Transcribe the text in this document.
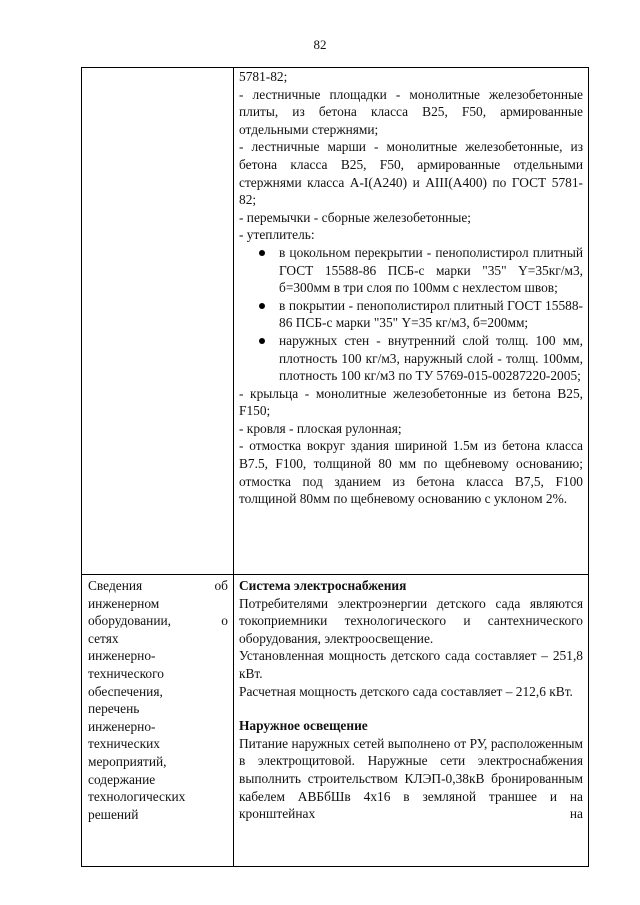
82

5781-82;

- лестничные площадки - монолитные железобетонные плиты, из бетона класса В25, F50, армированные отдельными стержнями;

- лестничные марши - монолитные железобетонные, из бетона класса В25, F50, армированные отдельными стержнями класса A-I(А240) и АIII(А400) по ГОСТ 5781-82;

- перемычки - сборные железобетонные;

- утеплитель:

в цокольном перекрытии - пенополистирол плитный ГОСТ 15588-86 ПСБ-с марки "35" Y=35кг/м3, б=300мм в три слоя по 100мм с нехлестом швов;

в покрытии - пенополистирол плитный ГОСТ 15588-86 ПСБ-с марки "35" Y=35 кг/м3, б=200мм;

наружных стен - внутренний слой толщ. 100 мм, плотность 100 кг/м3, наружный слой - толщ. 100мм, плотность 100 кг/м3 по ТУ 5769-015-00287220-2005;

- крыльца - монолитные железобетонные из бетона В25, F150;

- кровля - плоская рулонная;

- отмостка вокруг здания шириной 1.5м из бетона класса В7.5, F100, толщиной 80 мм по щебневому основанию; отмостка под зданием из бетона класса В7,5, F100 толщиной 80мм по щебневому основанию с уклоном 2%.

Сведения об
инженерном
оборудовании, о
сетях
инженерно-
технического
обеспечения,
перечень
инженерно-
технических
мероприятий,
содержание
технологических
решений

Система электроснабжения

Потребителями электроэнергии детского сада являются токоприемники технологического и сантехнического оборудования, электроосвещение.

Установленная мощность детского сада составляет – 251,8 кВт.

Расчетная мощность детского сада составляет – 212,6 кВт.

Наружное освещение

Питание наружных сетей выполнено от РУ, расположенным в электрощитовой. Наружные сети электроснабжения выполнить строительством КЛЭП-0,38кВ бронированным кабелем АВБбШв 4х16 в земляной траншее и на кронштейнах на
